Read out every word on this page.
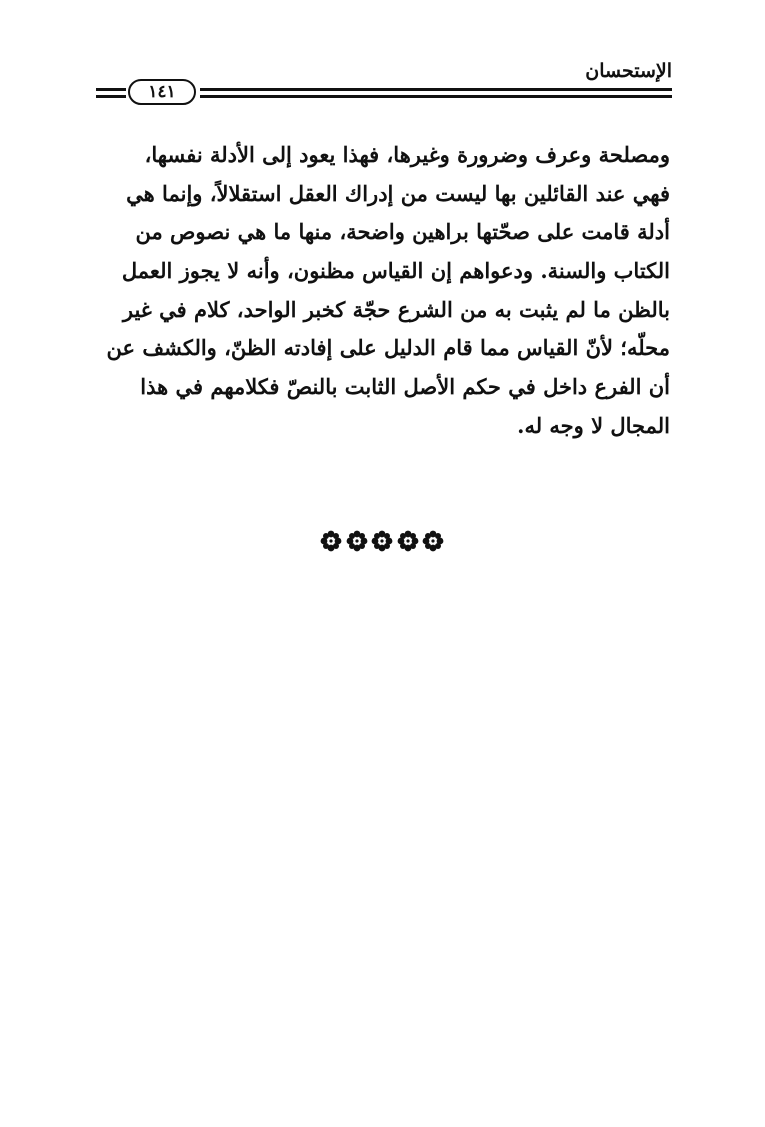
الإستحسان
١٤١
ومصلحة وعرف وضرورة وغيرها، فهذا يعود إلى الأدلة نفسها،
فهي عند القائلين بها ليست من إدراك العقل استقلالاً، وإنما هي
أدلة قامت على صحّتها براهين واضحة، منها ما هي نصوص من
الكتاب والسنة. ودعواهم إن القياس مظنون، وأنه لا يجوز العمل
بالظن ما لم يثبت به من الشرع حجّة كخبر الواحد، كلام في غير
محلّه؛ لأنّ القياس مما قام الدليل على إفادته الظنّ، والكشف عن
أن الفرع داخل في حكم الأصل الثابت بالنصّ فكلامهم في هذا
المجال لا وجه له.
